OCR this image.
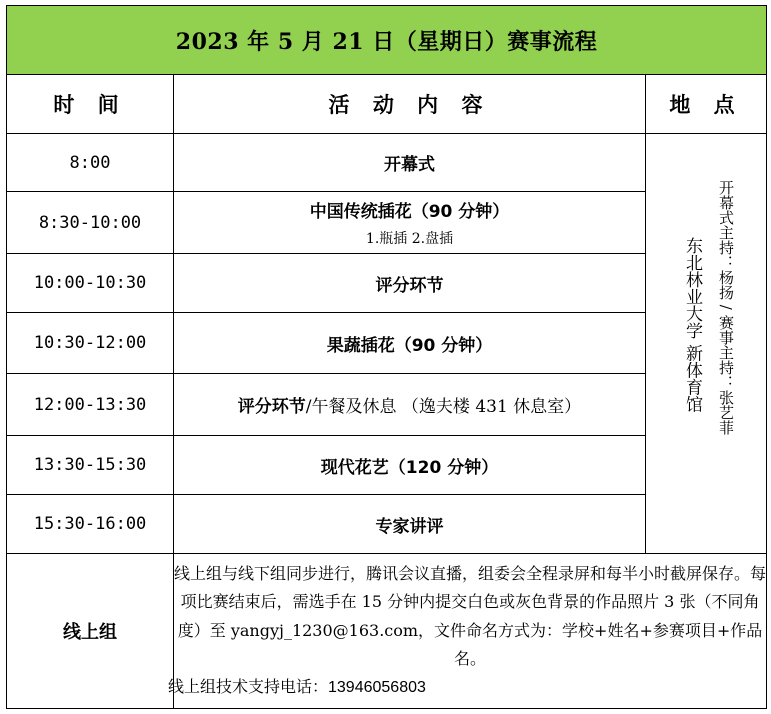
2023 年 5 月 21 日（星期日）赛事流程		
时 间	活 动 内 容	地 点
8:00	开幕式	东北林业大学 新体育馆 开幕式主持：杨扬 / 赛事主持：张艺菲

8:30-10:00	中国传统插花（90 分钟）
1.瓶插 2.盘插	

10:00-10:30	评分环节	
10:30-12:00	果蔬插花（90 分钟）	
12:00-13:30	评分环节/午餐及休息 （逸夫楼 431 休息室）	
13:30-15:30	现代花艺（120 分钟）	
15:30-16:00	专家讲评	
线上组	线上组与线下组同步进行，腾讯会议直播，组委会全程录屏和每半小时截屏保存。每项比赛结束后，需选手在 15 分钟内提交白色或灰色背景的作品照片 3 张（不同角度）至 yangyj_1230@163.com，文件命名方式为：学校+姓名+参赛项目+作品名。
线上组技术支持电话：13946056803	
